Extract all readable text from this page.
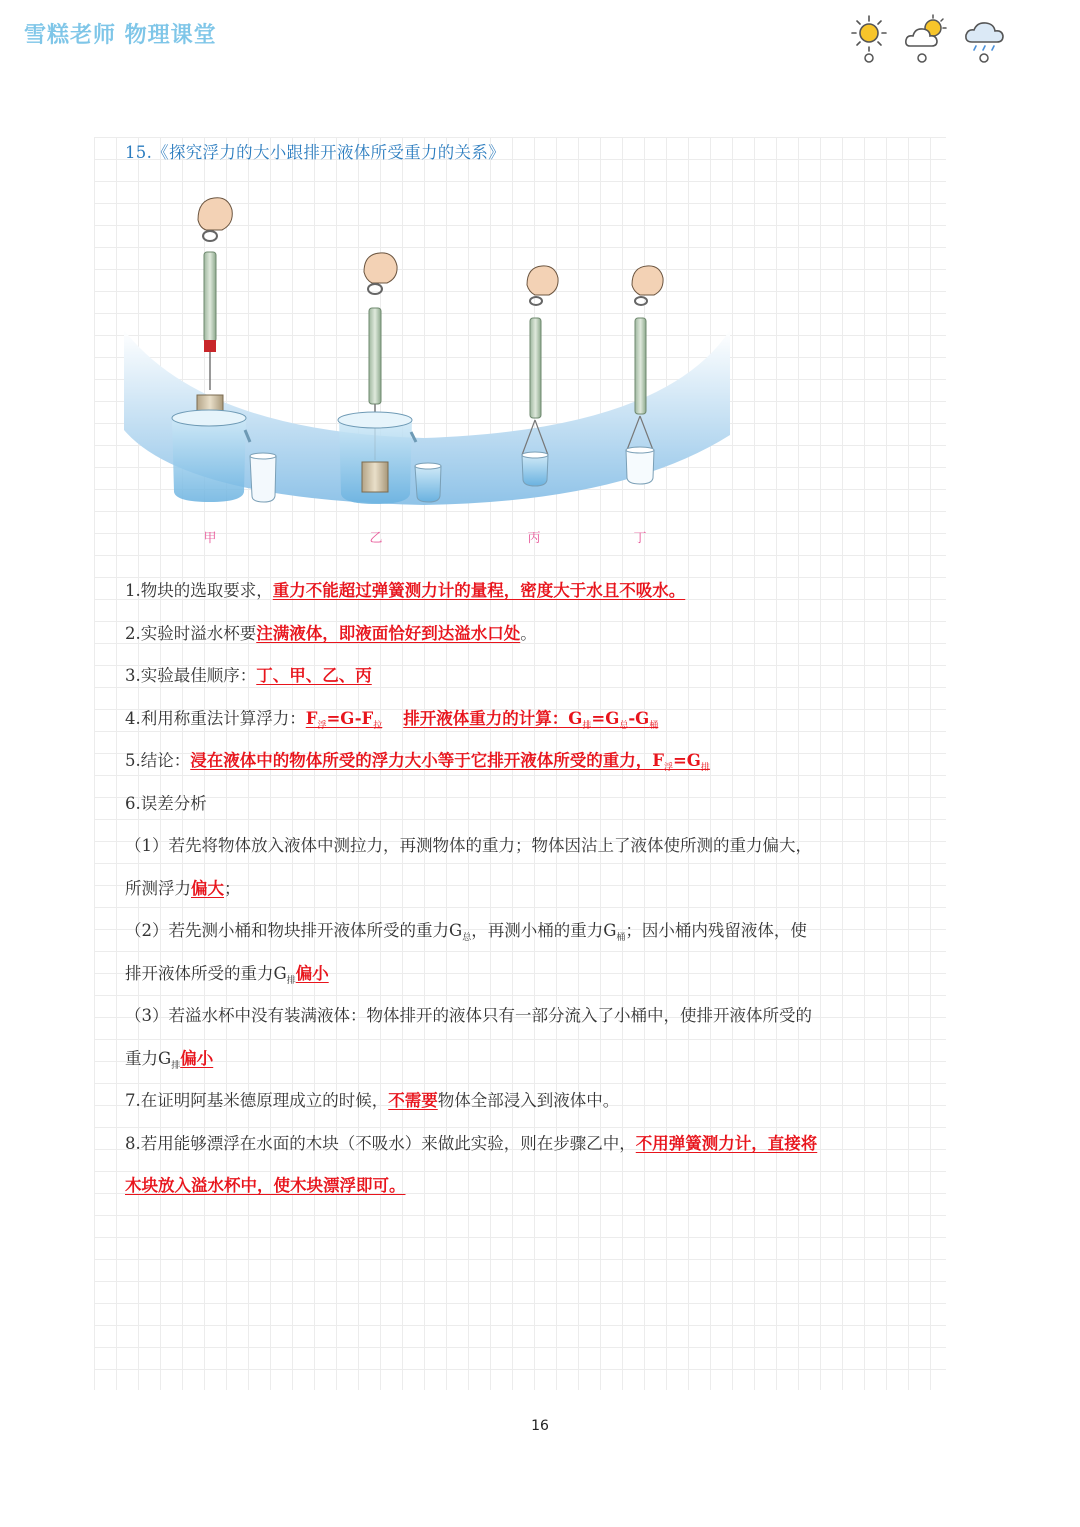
雪糕老师 物理课堂
15.《探究浮力的大小跟排开液体所受重力的关系》
甲	乙	丙	丁
1.物块的选取要求，重力不能超过弹簧测力计的量程，密度大于水且不吸水。
2.实验时溢水杯要注满液体，即液面恰好到达溢水口处。
3.实验最佳顺序：丁、甲、乙、丙
4.利用称重法计算浮力：$F_浮=G-F_拉$ 排开液体重力的计算：$G_排=G_总-G_桶$
5.结论：浸在液体中的物体所受的浮力大小等于它排开液体所受的重力，$F_浮=G_排$
6.误差分析
（1）若先将物体放入液体中测拉力，再测物体的重力；物体因沾上了液体使所测的重力偏大，
所测浮力偏大；
（2）若先测小桶和物块排开液体所受的重力$G_总$，再测小桶的重力$G_桶$；因小桶内残留液体，使
排开液体所受的重力$G_排$偏小
（3）若溢水杯中没有装满液体：物体排开的液体只有一部分流入了小桶中，使排开液体所受的
重力$G_排$偏小
7.在证明阿基米德原理成立的时候，不需要物体全部浸入到液体中。
8.若用能够漂浮在水面的木块（不吸水）来做此实验，则在步骤乙中，不用弹簧测力计，直接将
木块放入溢水杯中，使木块漂浮即可。
16
